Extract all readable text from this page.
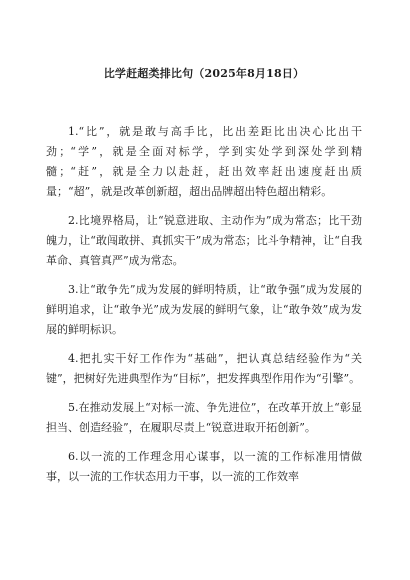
比学赶超类排比句（2025年8月18日）

1.“比”，就是敢与高手比，比出差距比出决心比出干劲；“学”，就是全面对标学，学到实处学到深处学到精髓；“赶”，就是全力以赴赶，赶出效率赶出速度赶出质量；“超”，就是改革创新超，超出品牌超出特色超出精彩。

2.比境界格局，让“锐意进取、主动作为”成为常态；比干劲魄力，让“敢闯敢拼、真抓实干”成为常态；比斗争精神，让“自我革命、真管真严”成为常态。

3.让“敢争先”成为发展的鲜明特质，让“敢争强”成为发展的鲜明追求，让“敢争光”成为发展的鲜明气象，让“敢争效”成为发展的鲜明标识。

4.把扎实干好工作作为“基础”，把认真总结经验作为“关键”，把树好先进典型作为“目标”，把发挥典型作用作为“引擎”。

5.在推动发展上“对标一流、争先进位”，在改革开放上“彰显担当、创造经验”，在履职尽责上“锐意进取开拓创新”。

6.以一流的工作理念用心谋事，以一流的工作标准用情做事，以一流的工作状态用力干事，以一流的工作效率
